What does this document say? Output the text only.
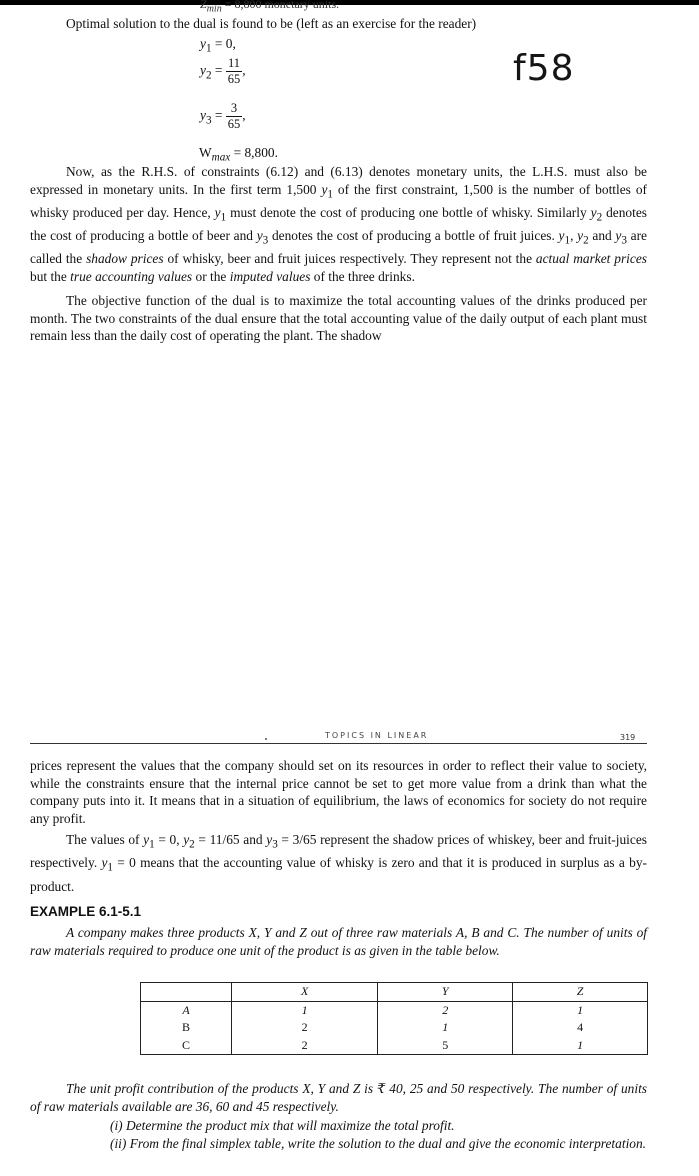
$Z_{min} = 8,800$ monetary units.

Optimal solution to the dual is found to be (left as an exercise for the reader)

$y_1 = 0$,
$y_2 = \frac{11}{65}$ ,
$y_3 = \frac{3}{65}$ ,
$W_{max} = 8,800$.
f58

Now, as the R.H.S. of constraints (6.12) and (6.13) denotes monetary units, the L.H.S. must also be expressed in monetary units. In the first term 1,500 $y_1$ of the first constraint, 1,500 is the number of bottles of whisky produced per day. Hence, $y_1$ must denote the cost of producing one bottle of whisky. Similarly $y_2$ denotes the cost of producing a bottle of beer and $y_3$ denotes the cost of producing a bottle of fruit juices. $y_1$, $y_2$ and $y_3$ are called the shadow prices of whisky, beer and fruit juices respectively. They represent not the actual market prices but the true accounting values or the imputed values of the three drinks.

The objective function of the dual is to maximize the total accounting values of the drinks produced per month. The two constraints of the dual ensure that the total accounting value of the daily output of each plant must remain less than the daily cost of operating the plant. The shadow

TOPICS IN LINEAR	319

prices represent the values that the company should set on its resources in order to reflect their value to society, while the constraints ensure that the internal price cannot be set to get more value from a drink than what the company puts into it. It means that in a situation of equilibrium, the laws of economics for society do not require any profit.

The values of $y_1 = 0$, $y_2 = 11/65$ and $y_3 = 3/65$ represent the shadow prices of whiskey, beer and fruit-juices respectively. $y_1 = 0$ means that the accounting value of whisky is zero and that it is produced in surplus as a by-product.

EXAMPLE 6.1-5.1

A company makes three products X, Y and Z out of three raw materials A, B and C. The number of units of raw materials required to produce one unit of the product is as given in the table below.

	X	Y	Z
A	1	2	1
B	2	1	4
C	2	5	1

The unit profit contribution of the products X, Y and Z is ₹ 40, 25 and 50 respectively. The number of units of raw materials available are 36, 60 and 45 respectively.

(i) Determine the product mix that will maximize the total profit.
(ii) From the final simplex table, write the solution to the dual and give the economic interpretation.
